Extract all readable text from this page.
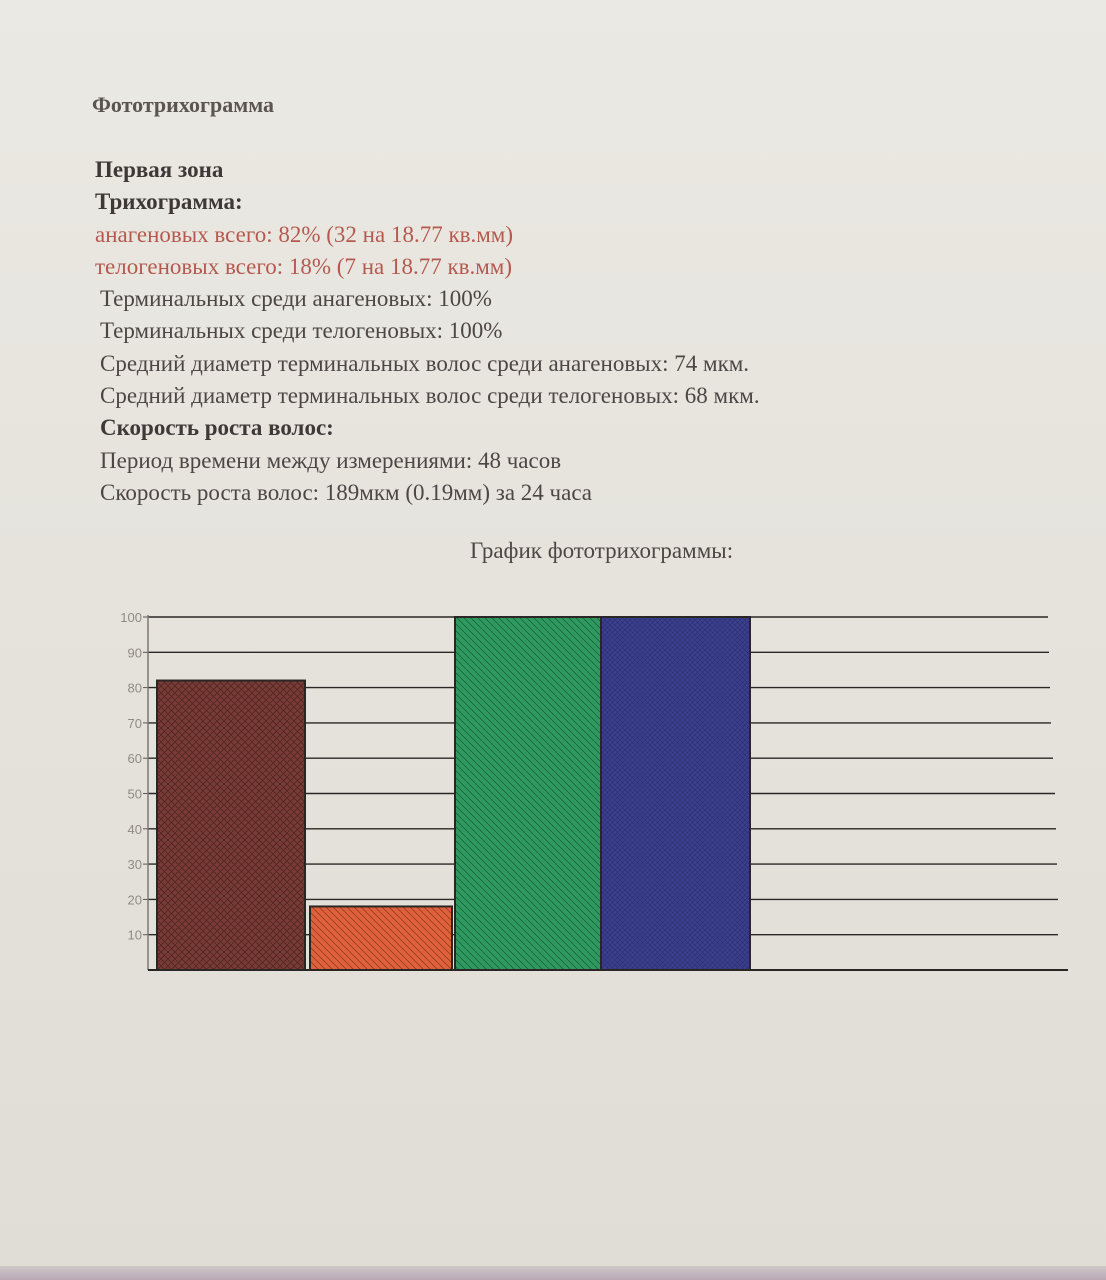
Фототрихограмма
Первая зона
Трихограмма:
анагеновых всего: 82% (32 на 18.77 кв.мм)
телогеновых всего: 18% (7 на 18.77 кв.мм)
Терминальных среди анагеновых: 100%
Терминальных среди телогеновых: 100%
Средний диаметр терминальных волос среди анагеновых: 74 мкм.
Средний диаметр терминальных волос среди телогеновых: 68 мкм.
Скорость роста волос:
Период времени между измерениями: 48 часов
Скорость роста волос: 189мкм (0.19мм) за 24 часа
График фототрихограммы:
10
20
30
40
50
60
70
80
90
100
